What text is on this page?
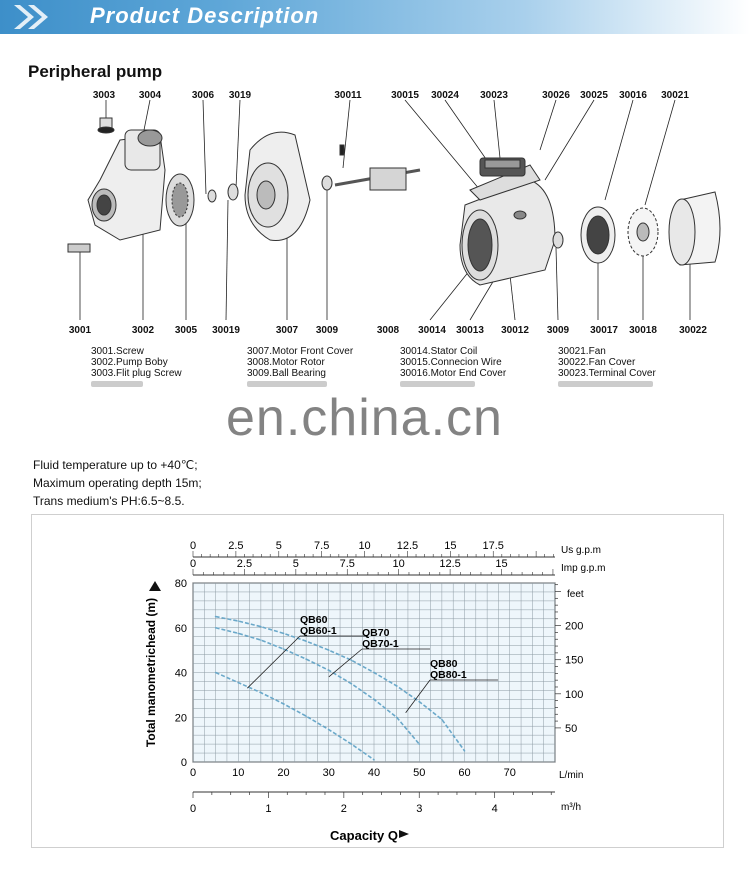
Product Description
Peripheral pump
3003 3004	3006 3019	30011	30015 30024 30023	30026 30025 30016 30021
3001	3002 3005 30019	3007 3009	3008 30014 30013 30012 3009 30017 30018 30022
3001.Screw
3002.Pump Boby
3003.Flit plug Screw
3007.Motor Front Cover
3008.Motor Rotor
3009.Ball Bearing
30014.Stator Coil
30015.Connecion Wire
30016.Motor End Cover
30021.Fan
30022.Fan Cover
30023.Terminal Cover
en.china.cn
Fluid temperature up to +40℃;
Maximum operating depth 15m;
Trans medium's PH:6.5~8.5.
0
20
40
60
80
Total manometrichead (m)
0	10	20	30	40	50	60	70	L/min
0	1	2	3	4	m³/h
Capacity Q
0	2.5	5	7.5	10 12.5 15 17.5	Us g.p.m
0	2.5	5	7.5	10	12.5	15	Imp g.p.m
50
100
150
200
feet
QB60
QB60-1 QB70
QB70-1
QB80
QB80-1
